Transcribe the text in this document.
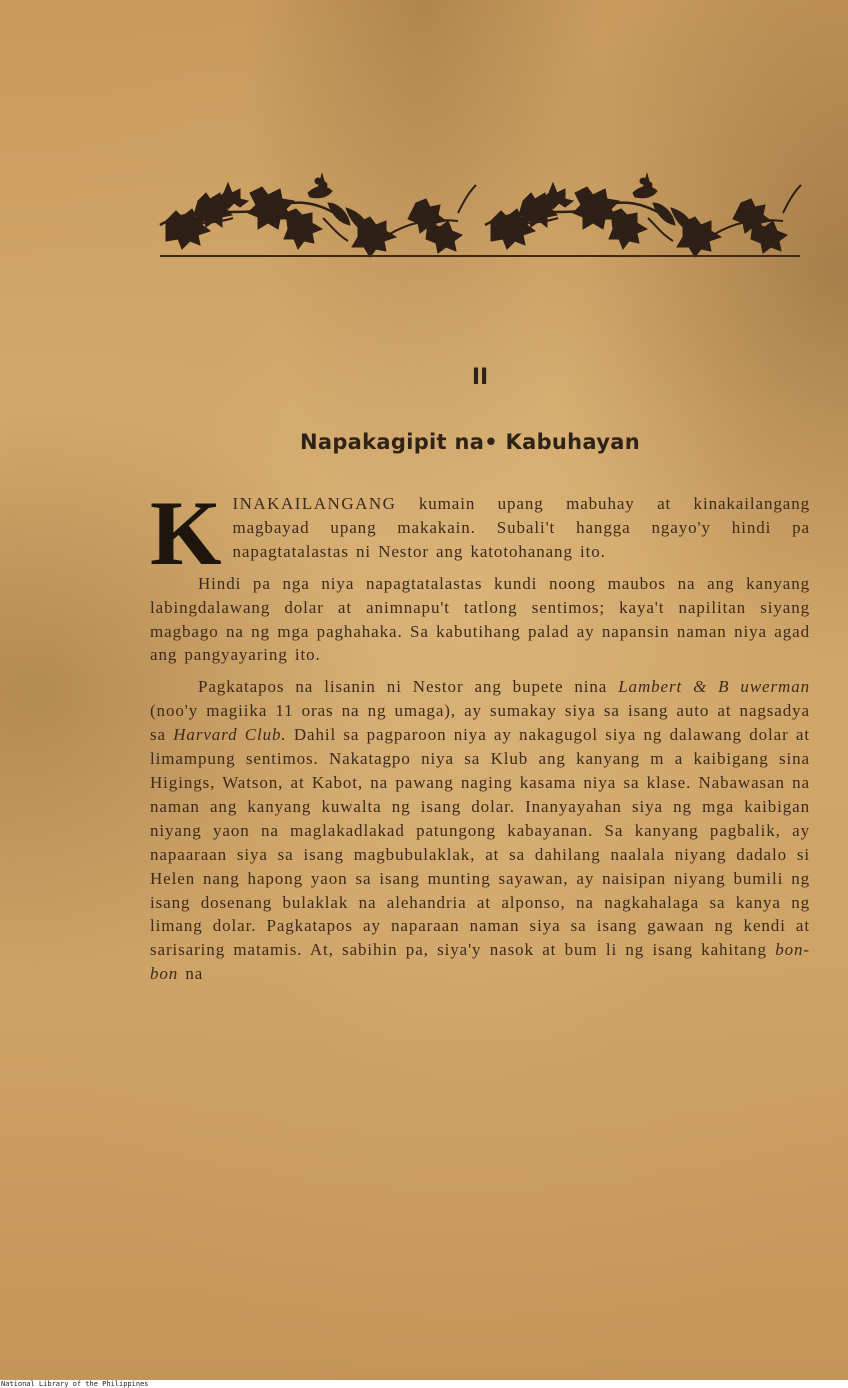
II
Napakagipit na• Kabuhayan

KINAKAILANGANG kumain upang mabuhay at kinakailangang magbayad upang makakain. Subali't hangga ngayo'y hindi pa napagtatalastas ni Nestor ang katotohanang ito.

Hindi pa nga niya napagtatalastas kundi noong maubos na ang kanyang labingdalawang dolar at animnapu't tatlong sentimos; kaya't napilitan siyang magbago na ng mga paghahaka. Sa kabutihang palad ay napansin naman niya agad ang pangyayaring ito.

Pagkatapos na lisanin ni Nestor ang bupete nina Lambert & B uwerman (noo'y magiika 11 oras na ng umaga), ay sumakay siya sa isang auto at nagsadya sa Harvard Club. Dahil sa pagparoon niya ay nakagugol siya ng dalawang dolar at limampung sentimos. Nakatagpo niya sa Klub ang kanyang m a kaibigang sina Higings, Watson, at Kabot, na pawang naging kasama niya sa klase. Nabawasan na naman ang kanyang kuwalta ng isang dolar. Inanyayahan siya ng mga kaibigan niyang yaon na maglakadlakad patungong kabayanan. Sa kanyang pagbalik, ay napaaraan siya sa isang magbubulaklak, at sa dahilang naalala niyang dadalo si Helen nang hapong yaon sa isang munting sayawan, ay naisipan niyang bumili ng isang dosenang bulaklak na alehandria at alponso, na nagkahalaga sa kanya ng limang dolar. Pagkatapos ay naparaan naman siya sa isang gawaan ng kendi at sarisaring matamis. At, sabihin pa, siya'y nasok at bum li ng isang kahitang bon-bon na

National Library of the Philippines
